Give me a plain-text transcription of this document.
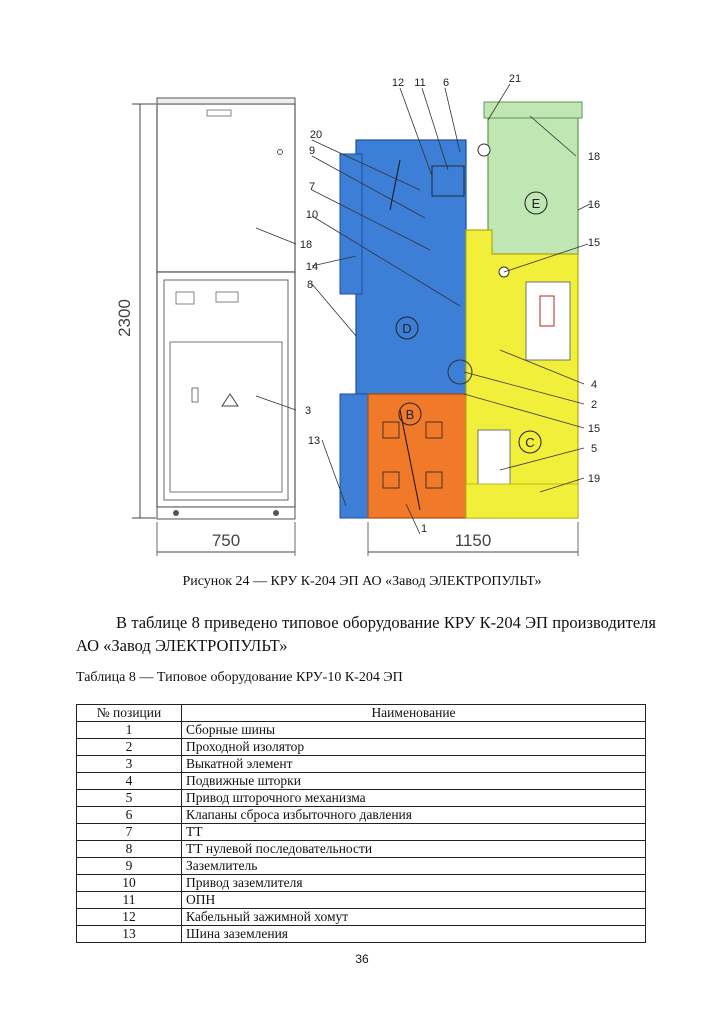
2300
750
D
E
B
C
1150
12 11 6	21
20
9	18
7
16
10
15
14
18
8
4
2
15
3
5
13
19
1
Рисунок 24 — КРУ К-204 ЭП АО «Завод ЭЛЕКТРОПУЛЬТ»
В таблице 8 приведено типовое оборудование КРУ К-204 ЭП производителя АО «Завод ЭЛЕКТРОПУЛЬТ»
Таблица 8 — Типовое оборудование КРУ-10 К-204 ЭП
№ позиции	Наименование
1	Сборные шины
2	Проходной изолятор
3	Выкатной элемент
4	Подвижные шторки
5	Привод шторочного механизма
6	Клапаны сброса избыточного давления
7	ТТ
8	ТТ нулевой последовательности
9	Заземлитель
10	Привод заземлителя
11	ОПН
12	Кабельный зажимной хомут
13	Шина заземления
36
